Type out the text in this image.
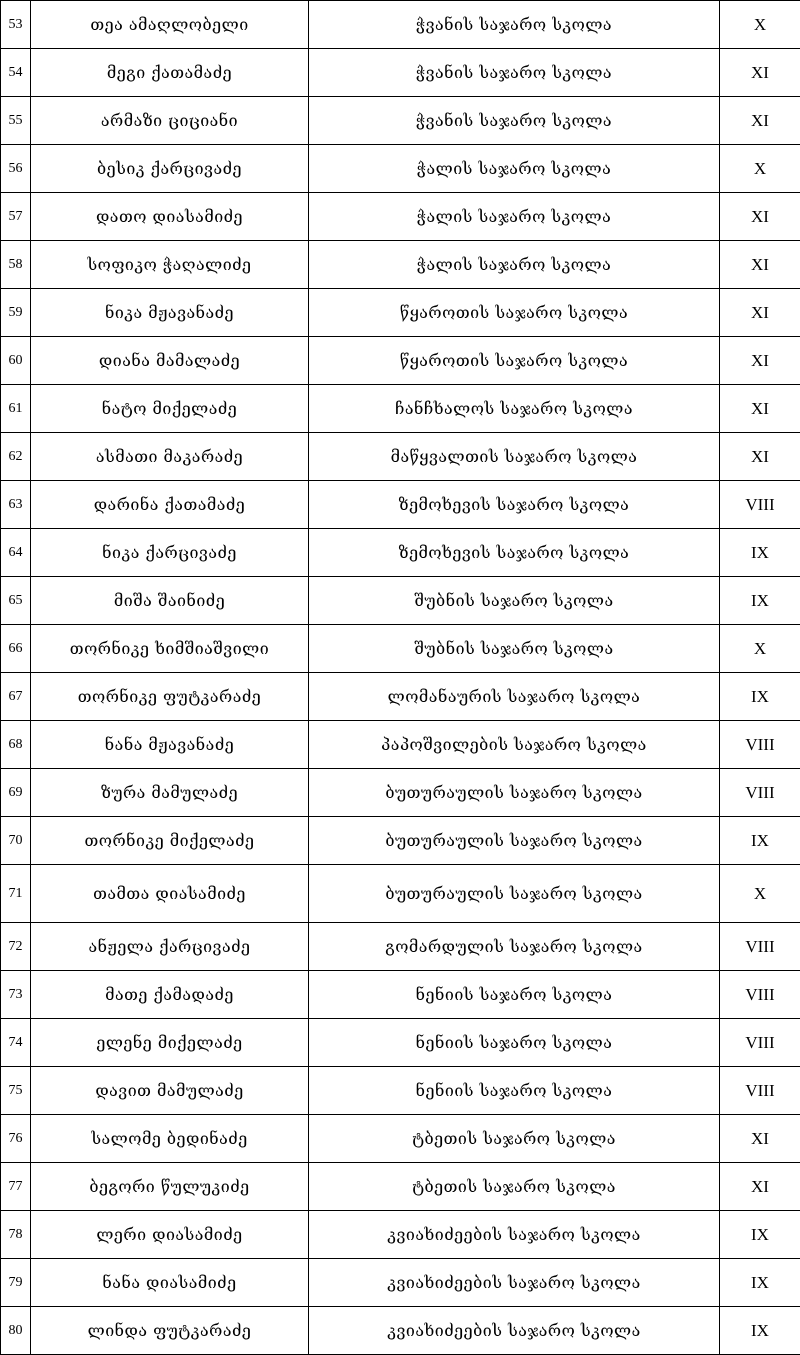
53	თეა ამაღლობელი	ჭვანის საჯარო სკოლა	X
54	მეგი ქათამაძე	ჭვანის საჯარო სკოლა	XI
55	არმაზი ციციანი	ჭვანის საჯარო სკოლა	XI
56	ბესიკ ქარცივაძე	ჭალის საჯარო სკოლა	X
57	დათო დიასამიძე	ჭალის საჯარო სკოლა	XI
58	სოფიკო ჭაღალიძე	ჭალის საჯარო სკოლა	XI
59	ნიკა მჟავანაძე	წყაროთის საჯარო სკოლა	XI
60	დიანა მამალაძე	წყაროთის საჯარო სკოლა	XI
61	ნატო მიქელაძე	ჩანჩხალოს საჯარო სკოლა	XI
62	ასმათი მაკარაძე	მაწყვალთის საჯარო სკოლა	XI
63	დარინა ქათამაძე	ზემოხევის საჯარო სკოლა	VIII
64	ნიკა ქარცივაძე	ზემოხევის საჯარო სკოლა	IX
65	მიშა შაინიძე	შუბნის საჯარო სკოლა	IX
66	თორნიკე ხიმშიაშვილი	შუბნის საჯარო სკოლა	X
67	თორნიკე ფუტკარაძე	ლომანაურის საჯარო სკოლა	IX
68	ნანა მჟავანაძე	პაპოშვილების საჯარო სკოლა	VIII
69	ზურა მამულაძე	ბუთურაულის საჯარო სკოლა	VIII
70	თორნიკე მიქელაძე	ბუთურაულის საჯარო სკოლა	IX
71	თამთა დიასამიძე	ბუთურაულის საჯარო სკოლა	X
72	ანჟელა ქარცივაძე	გომარდულის საჯარო სკოლა	VIII
73	მათე ქამადაძე	ნენიის საჯარო სკოლა	VIII
74	ელენე მიქელაძე	ნენიის საჯარო სკოლა	VIII
75	დავით მამულაძე	ნენიის საჯარო სკოლა	VIII
76	სალომე ბედინაძე	ტბეთის საჯარო სკოლა	XI
77	ბეგორი წულუკიძე	ტბეთის საჯარო სკოლა	XI
78	ლერი დიასამიძე	კვიახიძეების საჯარო სკოლა	IX
79	ნანა დიასამიძე	კვიახიძეების საჯარო სკოლა	IX
80	ლინდა ფუტკარაძე	კვიახიძეების საჯარო სკოლა	IX
